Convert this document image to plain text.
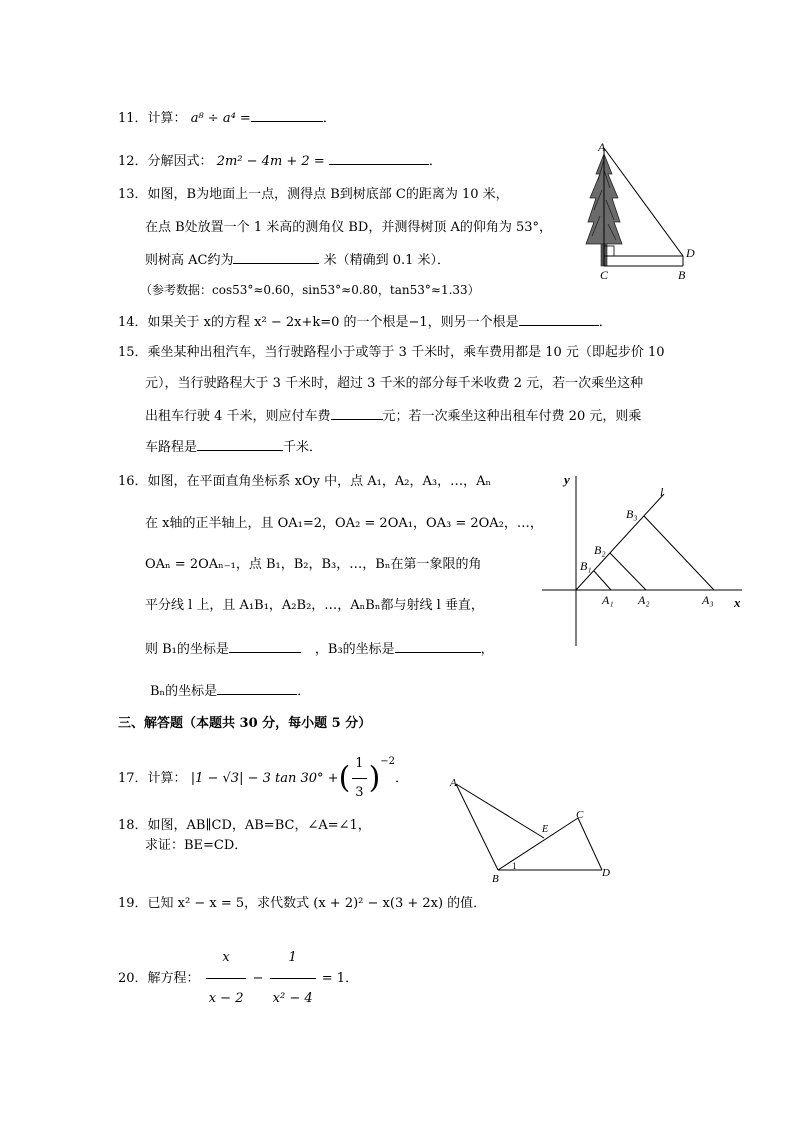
11．计算： a⁸ ÷ a⁴ =	．
12．分解因式： 2m² − 4m + 2 =	．
13．如图，B为地面上一点，测得点 B到树底部 C的距离为 10 米，
在点 B处放置一个 1 米高的测角仪 BD，并测得树顶 A的仰角为 53°，
则树高 AC约为	米（精确到 0.1 米）．
（参考数据：cos53°≈0.60，sin53°≈0.80，tan53°≈1.33）
A
D
C	B
14．如果关于 x的方程 x² − 2x+k=0 的一个根是−1，则另一个根是	．
15．乘坐某种出租汽车，当行驶路程小于或等于 3 千米时，乘车费用都是 10 元（即起步价 10
元），当行驶路程大于 3 千米时，超过 3 千米的部分每千米收费 2 元，若一次乘坐这种
出租车行驶 4 千米，则应付车费	元；若一次乘坐这种出租车付费 20 元，则乘
车路程是	千米．
16．如图，在平面直角坐标系 xOy 中，点 A₁，A₂，A₃，…，Aₙ
在 x轴的正半轴上，且 OA₁=2，OA₂ = 2OA₁，OA₃ = 2OA₂，…，
OAₙ = 2OAₙ₋₁，点 B₁，B₂，B₃，…，Bₙ在第一象限的角
平分线 l 上，且 A₁B₁，A₂B₂，…，AₙBₙ都与射线 l 垂直，
则 B₁的坐标是	，B₃的坐标是	，
Bₙ的坐标是	．
y
x
l
B₁
B₂
B₃
A₁ A₂	A₃
三、解答题（本题共 30 分，每小题 5 分）
17．计算： |1 − √3| − 3 tan 30° +( $\frac{1}{3} )^{-2}$．
18．如图，AB∥CD，AB=BC，∠A=∠1，
求证：BE=CD．
A
B
C
D
E
1
19．已知 x² − x = 5，求代数式 (x + 2)² − x(3 + 2x) 的值．
20．解方程： $\frac{x}{x - 2} - \frac{1}{\text{x² − 4}} = 1$．
